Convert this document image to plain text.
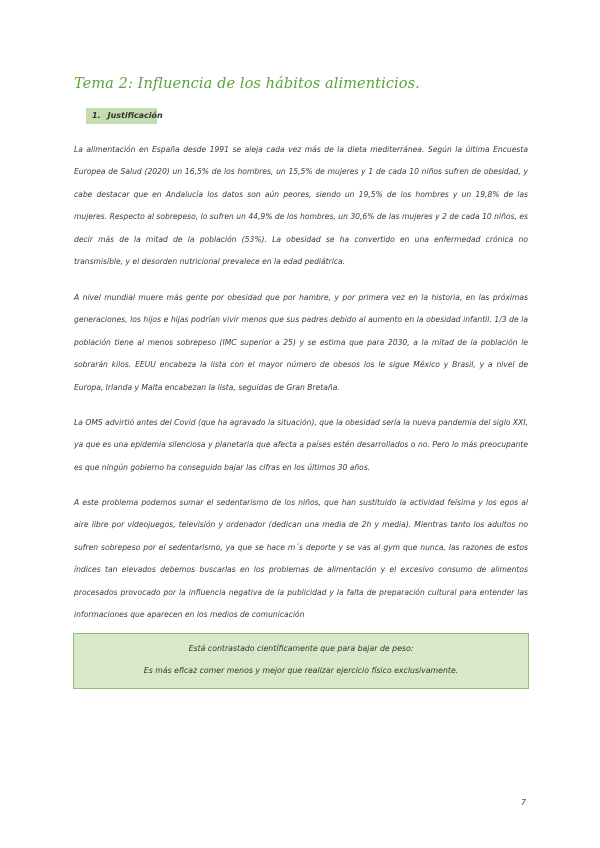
Tema 2: Influencia de los hábitos alimenticios.
1. Justificación

La alimentación en España desde 1991 se aleja cada vez más de la dieta mediterránea. Según la última Encuesta Europea de Salud (2020) un 16,5% de los hombres, un 15,5% de mujeres y 1 de cada 10 niños sufren de obesidad, y cabe destacar que en Andalucía los datos son aún peores, siendo un 19,5% de los hombres y un 19,8% de las mujeres. Respecto al sobrepeso, lo sufren un 44,9% de los hombres, un 30,6% de las mujeres y 2 de cada 10 niños, es decir más de la mitad de la población (53%). La obesidad se ha convertido en una enfermedad crónica no transmisible, y el desorden nutricional prevalece en la edad pediátrica.

A nivel mundial muere más gente por obesidad que por hambre, y por primera vez en la historia, en las próximas generaciones, los hijos e hijas podrían vivir menos que sus padres debido al aumento en la obesidad infantil. 1/3 de la población tiene al menos sobrepeso (IMC superior a 25) y se estima que para 2030, a la mitad de la población le sobrarán kilos. EEUU encabeza la lista con el mayor número de obesos los le sigue México y Brasil, y a nivel de Europa, Irlanda y Malta encabezan la lista, seguidas de Gran Bretaña.

La OMS advirtió antes del Covid (que ha agravado la situación), que la obesidad sería la nueva pandemia del siglo XXI, ya que es una epidemia silenciosa y planetaria que afecta a países estén desarrollados o no. Pero lo más preocupante es que ningún gobierno ha conseguido bajar las cifras en los últimos 30 años.

A este problema podemos sumar el sedentarismo de los niños, que han sustituido la actividad feísima y los egos al aire libre por videojuegos, televisión y ordenador (dedican una media de 2h y media). Mientras tanto los adultos no sufren sobrepeso por el sedentarismo, ya que se hace m´s deporte y se vas al gym que nunca, las razones de estos índices tan elevados debemos buscarlas en los problemas de alimentación y el excesivo consumo de alimentos procesados provocado por la influencia negativa de la publicidad y la falta de preparación cultural para entender las informaciones que aparecen en los medios de comunicación

Está contrastado científicamente que para bajar de peso:
Es más eficaz comer menos y mejor que realizar ejercicio físico exclusivamente.
7
